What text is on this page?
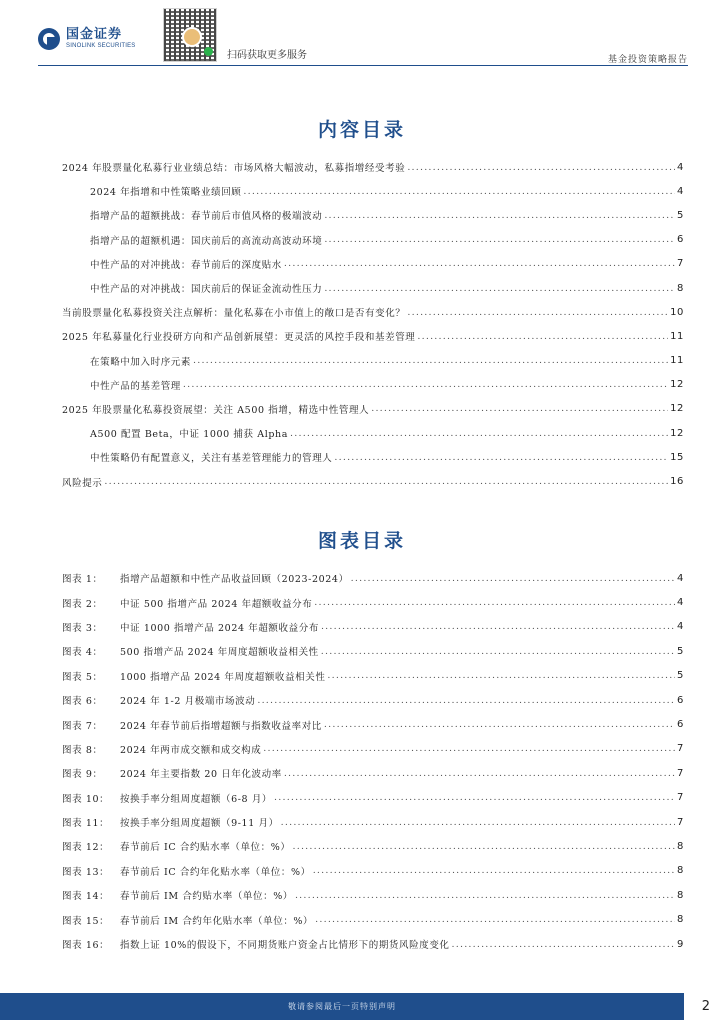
国金证券
SINOLINK SECURITIES
扫码获取更多服务	基金投资策略报告
内容目录
2024 年股票量化私募行业业绩总结：市场风格大幅波动，私募指增经受考验 .....	4
2024 年指增和中性策略业绩回顾 .....	4
指增产品的超额挑战：春节前后市值风格的极端波动 .....	5
指增产品的超额机遇：国庆前后的高流动高波动环境 .....	6
中性产品的对冲挑战：春节前后的深度贴水 .....	7
中性产品的对冲挑战：国庆前后的保证金流动性压力 .....	8
当前股票量化私募投资关注点解析：量化私募在小市值上的敞口是否有变化？ .....	10
2025 年私募量化行业投研方向和产品创新展望：更灵活的风控手段和基差管理 .....	11
在策略中加入时序元素 .....	11
中性产品的基差管理 .....	12
2025 年股票量化私募投资展望：关注 A500 指增，精选中性管理人 .....	12
A500 配置 Beta，中证 1000 捕获 Alpha .....	12
中性策略仍有配置意义，关注有基差管理能力的管理人 .....	15
风险提示 .....	16
图表目录
图表 1：	指增产品超额和中性产品收益回顾（2023-2024） .....	4
图表 2：	中证 500 指增产品 2024 年超额收益分布 .....	4
图表 3：	中证 1000 指增产品 2024 年超额收益分布 .....	4
图表 4：	500 指增产品 2024 年周度超额收益相关性 .....	5
图表 5：	1000 指增产品 2024 年周度超额收益相关性 .....	5
图表 6：	2024 年 1-2 月极端市场波动 .....	6
图表 7：	2024 年春节前后指增超额与指数收益率对比 .....	6
图表 8：	2024 年两市成交额和成交构成 .....	7
图表 9：	2024 年主要指数 20 日年化波动率 .....	7
图表 10：	按换手率分组周度超额（6-8 月） .....	7
图表 11：	按换手率分组周度超额（9-11 月） .....	7
图表 12：	春节前后 IC 合约贴水率（单位：%） .....	8
图表 13：	春节前后 IC 合约年化贴水率（单位：%） .....	8
图表 14：	春节前后 IM 合约贴水率（单位：%） .....	8
图表 15：	春节前后 IM 合约年化贴水率（单位：%） .....	8
图表 16：	指数上证 10%的假设下，不同期货账户资金占比情形下的期货风险度变化 .....	9
敬请参阅最后一页特别声明	2
